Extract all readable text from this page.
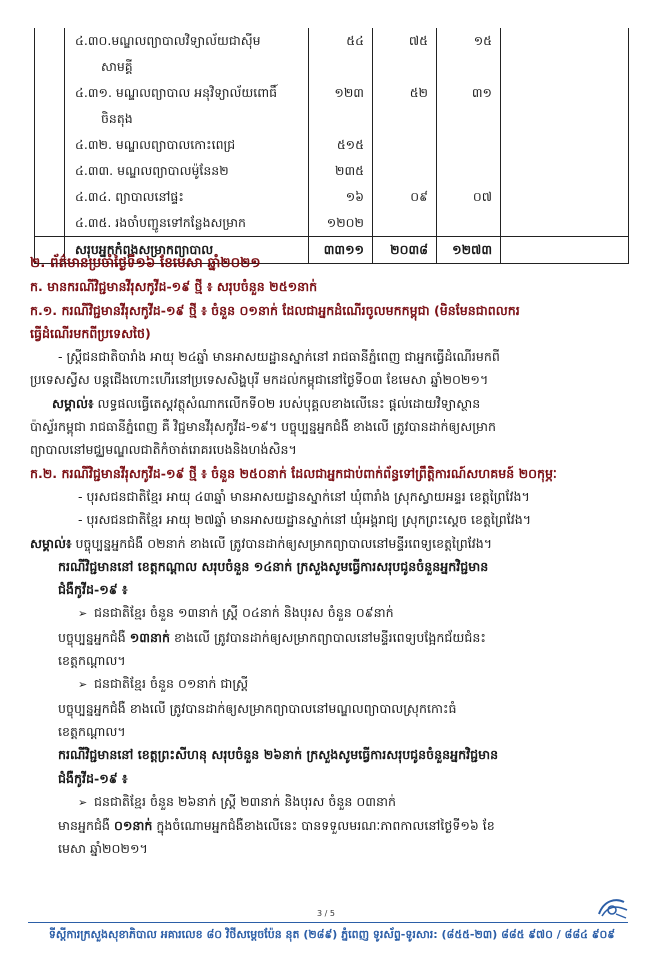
	៤.៣០.មណ្ឌលព្យាបាលវិទ្យាល័យជាស៊ីម
សាមគ្គី	៥៤	៧៥	១៥	
	៤.៣១. មណ្ឌលព្យាបាល អនុវិទ្យាល័យពោធិ៍
ចិនតុង	១២៣	៥២	៣១	
	៤.៣២. មណ្ឌលព្យាបាលកោះពេជ្រ	៥១៥			
	៤.៣៣. មណ្ឌលព្យាបាលម៉ូនែន២	២៣៥			
	៤.៣៤. ព្យាបាលនៅផ្ទះ	១៦	០៩	០៧	
	៤.៣៥. រងចាំបញ្ជូនទៅកន្លែងសម្រាក	១២០២			
	សរុបអ្នកកំពុងសម្រាកព្យាបាល	៣៣១១	២០៣៨	១២៧៣	

២. ព័ត៌មានប្រចាំថ្ងៃទី១៦ ខែមេសា ឆ្នាំ២០២១

ក. មានករណីវិជ្ជមានវីរុសកូវីដ-១៩ ថ្មី ៖ សរុបចំនួន ២៥១នាក់

ក.១. ករណីវិជ្ជមានវីរុសកូវីដ-១៩ ថ្មី ៖ ចំនួន ០១នាក់ ដែលជាអ្នកដំណើរចូលមកកម្ពុជា (មិនមែនជាពលករ

ធ្វើដំណើរមកពីប្រទេសថៃ)

- ស្ត្រីជនជាតិបារាំង អាយុ ២៤ឆ្នាំ មានអាសយដ្ឋានស្នាក់នៅ រាជធានីភ្នំពេញ ជាអ្នកធ្វើដំណើរមកពី

ប្រទេសស្វីស បន្តជើងហោះហើរនៅប្រទេសសិង្ហបុរី មកដល់កម្ពុជានៅថ្ងៃទី០៣ ខែមេសា ឆ្នាំ២០២១។

សម្គាល់៖ លទ្ធផលធ្វើតេស្តវត្ថុសំណាកលើកទី០២ របស់បុគ្គលខាងលើនេះ ផ្តល់ដោយវិទ្យាស្ថាន

ប៉ាស្ទ័រកម្ពុជា រាជធានីភ្នំពេញ គឺ វិជ្ជមានវីរុសកូវីដ-១៩។ បច្ចុប្បន្នអ្នកជំងឺ ខាងលើ ត្រូវបានដាក់ឲ្យសម្រាក

ព្យាបាលនៅមជ្ឈមណ្ឌលជាតិកំចាត់រោគរបេងនិងហង់សិន។

ក.២. ករណីវិជ្ជមានវីរុសកូវីដ-១៩ ថ្មី ៖ ចំនួន ២៥០នាក់ ដែលជាអ្នកជាប់ពាក់ព័ន្ធទៅព្រឹត្តិការណ៍សហគមន៍ ២០កុម្ភៈ

- បុរសជនជាតិខ្មែរ អាយុ ៤៣ឆ្នាំ មានអាសយដ្ឋានស្នាក់នៅ ឃុំពារាំង ស្រុកស្វាយអន្ទរ ខេត្តព្រៃវែង។

- បុរសជនជាតិខ្មែរ អាយុ ២៧ឆ្នាំ មានអាសយដ្ឋានស្នាក់នៅ ឃុំអង្គរាជ្យ ស្រុកព្រះស្ដេច ខេត្តព្រៃវែង។

សម្គាល់៖ បច្ចុប្បន្នអ្នកជំងឺ ០២នាក់ ខាងលើ ត្រូវបានដាក់ឲ្យសម្រាកព្យាបាលនៅមន្ទីរពេទ្យខេត្តព្រៃវែង។

ករណីវិជ្ជមាននៅ ខេត្តកណ្តាល សរុបចំនួន ១៤នាក់ ក្រសួងសូមធ្វើការសរុបជូនចំនួនអ្នកវិជ្ជមាន

ជំងឺកូវីដ-១៩ ៖

➢ ជនជាតិខ្មែរ ចំនួន ១៣នាក់ ស្ត្រី ០៤នាក់ និងបុរស ចំនួន ០៩នាក់

បច្ចុប្បន្នអ្នកជំងឺ ១៣នាក់ ខាងលើ ត្រូវបានដាក់ឲ្យសម្រាកព្យាបាលនៅមន្ទីរពេទ្យបង្អែកជ័យជំនះ

ខេត្តកណ្តាល។

➢ ជនជាតិខ្មែរ ចំនួន ០១នាក់ ជាស្ត្រី

បច្ចុប្បន្នអ្នកជំងឺ ខាងលើ ត្រូវបានដាក់ឲ្យសម្រាកព្យាបាលនៅមណ្ឌលព្យាបាលស្រុកកោះធំ

ខេត្តកណ្តាល។

ករណីវិជ្ជមាននៅ ខេត្តព្រះសីហនុ សរុបចំនួន ២៦នាក់ ក្រសួងសូមធ្វើការសរុបជូនចំនួនអ្នកវិជ្ជមាន

ជំងឺកូវីដ-១៩ ៖

➢ ជនជាតិខ្មែរ ចំនួន ២៦នាក់ ស្ត្រី ២៣នាក់ និងបុរស ចំនួន ០៣នាក់

មានអ្នកជំងឺ ០១នាក់ ក្នុងចំណោមអ្នកជំងឺខាងលើនេះ បានទទួលមរណៈភាពកាលនៅថ្ងៃទី១៦ ខែ

មេសា ឆ្នាំ២០២១។

3 / 5
ទីស្តីការក្រសួងសុខាភិបាល អគារលេខ ៨០ វិថីសម្តេចប៉ែន នុត (២៨៩) ភ្នំពេញ ទូរស័ព្ទ-ទូរសារ: (៨៥៥-២៣) ៨៨៥ ៩៧០ / ៨៨៤ ៩០៩
